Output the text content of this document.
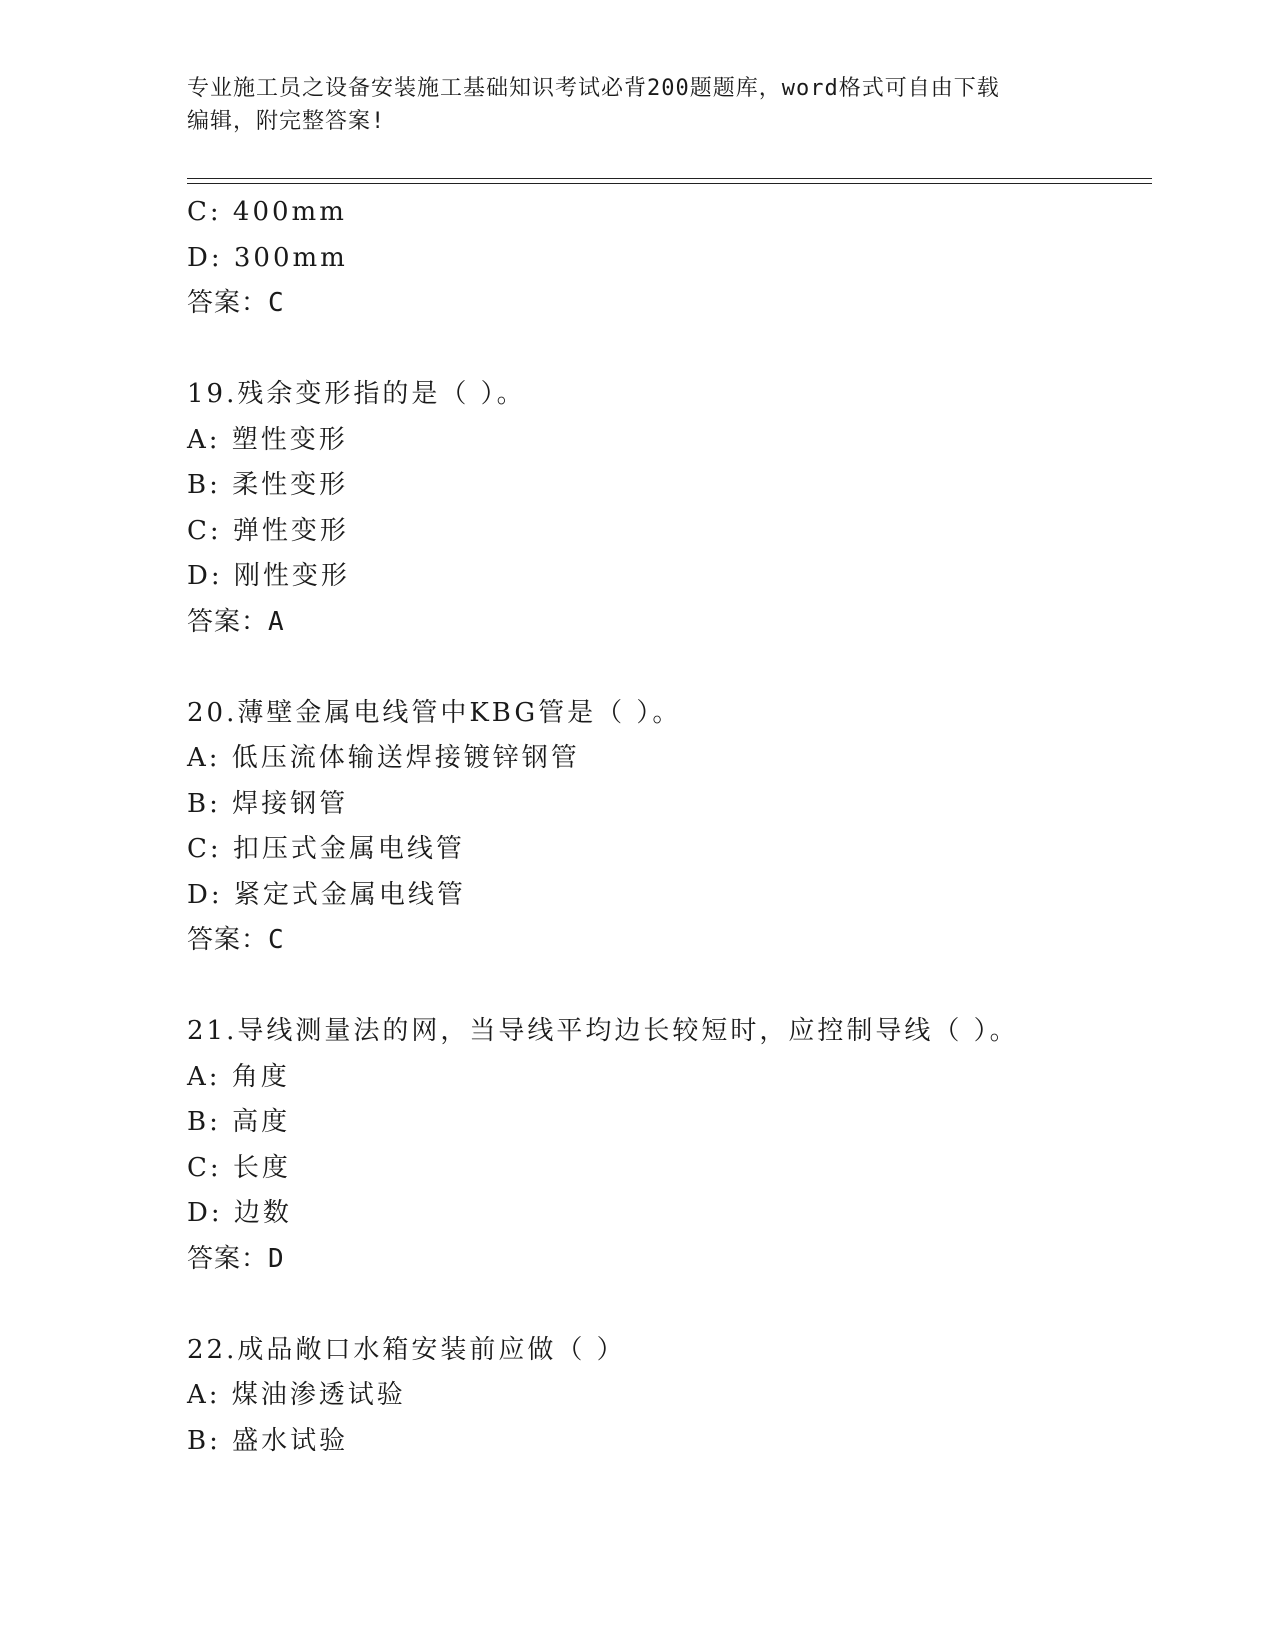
专业施工员之设备安装施工基础知识考试必背200题题库，word格式可自由下载
编辑，附完整答案!
C: 400mm
D: 300mm
答案：C
19.残余变形指的是（ ）。
A: 塑性变形
B: 柔性变形
C: 弹性变形
D: 刚性变形
答案：A
20.薄壁金属电线管中KBG管是（ ）。
A: 低压流体输送焊接镀锌钢管
B: 焊接钢管
C: 扣压式金属电线管
D: 紧定式金属电线管
答案：C
21.导线测量法的网，当导线平均边长较短时，应控制导线（ ）。
A: 角度
B: 高度
C: 长度
D: 边数
答案：D
22.成品敞口水箱安装前应做（ ）
A: 煤油渗透试验
B: 盛水试验
